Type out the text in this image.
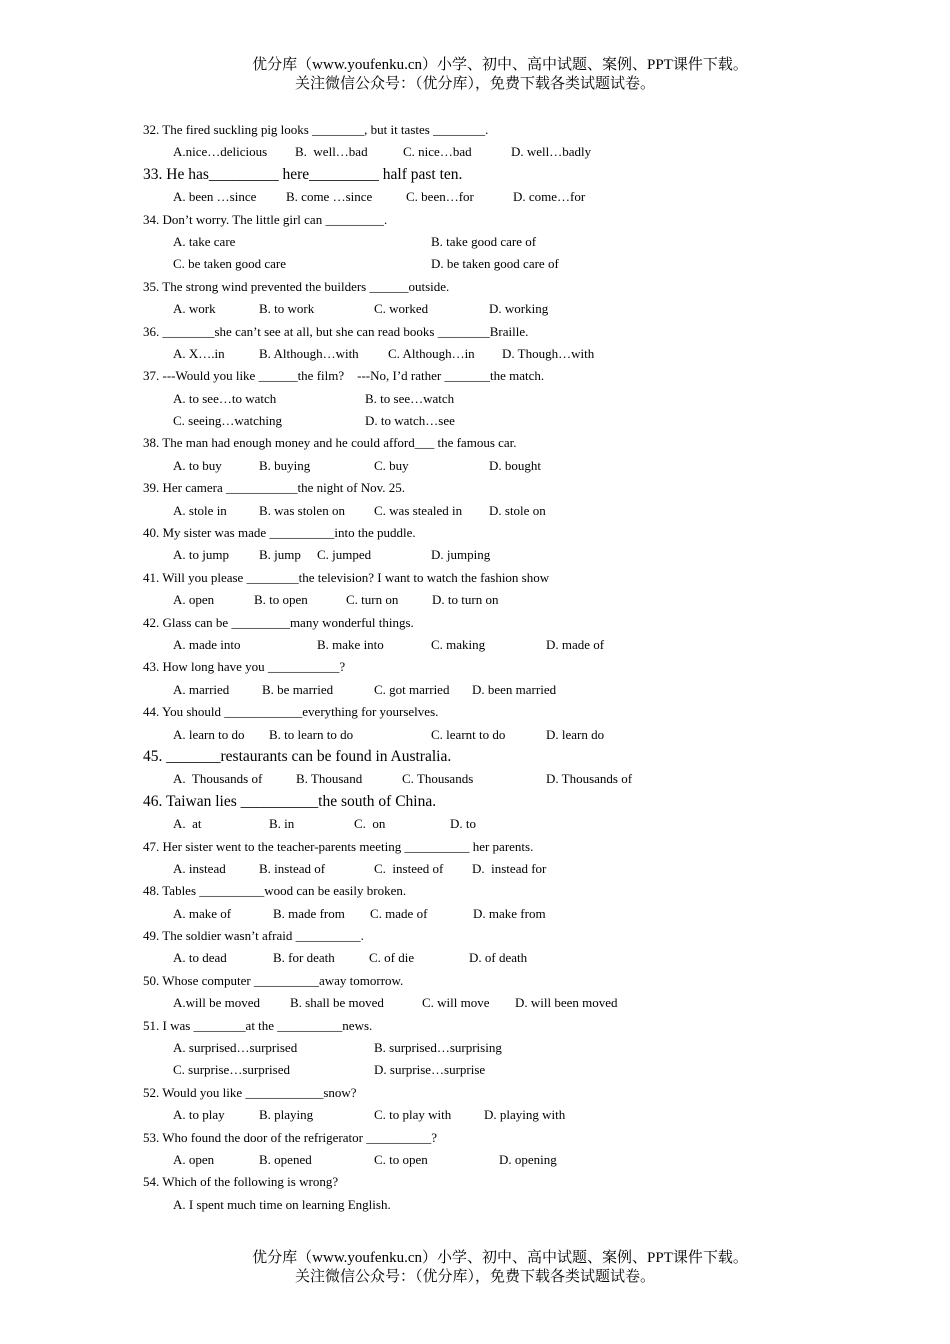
优分库（www.youfenku.cn）小学、初中、高中试题、案例、PPT课件下载。
关注微信公众号：（优分库），免费下载各类试题试卷。
32. The fired suckling pig looks ________, but it tastes ________.
A.nice…delicious B.  well…bad	C. nice…bad	D. well…badly
33. He has_________ here_________ half past ten.
A. been …since B. come …since	C. been…for	D. come…for
34. Don’t worry. The little girl can _________.
A. take care	B. take good care of
C. be taken good care	D. be taken good care of
35. The strong wind prevented the builders ______outside.
A. work	B. to work	C. worked	D. working
36. ________she can’t see at all, but she can read books ________Braille.
A. X….in	B. Although…with C. Although…in D. Though…with
37. ---Would you like ______the film?    ---No, I’d rather _______the match.
A. to see…to watch	B. to see…watch
C. seeing…watching	D. to watch…see
38. The man had enough money and he could afford___ the famous car.
A. to buy	B. buying	C. buy	D. bought
39. Her camera ___________the night of Nov. 25.
A. stole in B. was stolen on C. was stealed in D. stole on
40. My sister was made __________into the puddle.
A. to jump B. jump C. jumped	D. jumping
41. Will you please ________the television? I want to watch the fashion show
A. open	B. to open	C. turn on	D. to turn on
42. Glass can be _________many wonderful things.
A. made into	B. make into	C. making	D. made of
43. How long have you ___________?
A. married	B. be married	C. got married D. been married
44. You should ____________everything for yourselves.
A. learn to do B. to learn to do	C. learnt to do	D. learn do
45. _______restaurants can be found in Australia.
A.  Thousands of	B. Thousand	C. Thousands	D. Thousands of
46. Taiwan lies __________the south of China.
A.  at	B. in	C.  on	D. to
47. Her sister went to the teacher-parents meeting __________ her parents.
A. instead	B. instead of	C.  insteed of D.  instead for
48. Tables __________wood can be easily broken.
A. make of	B. made from C. made of	D. make from
49. The soldier wasn’t afraid __________.
A. to dead	B. for death	C. of die	D. of death
50. Whose computer __________away tomorrow.
A.will be moved B. shall be moved	C. will move D. will been moved
51. I was ________at the __________news.
A. surprised…surprised	B. surprised…surprising
C. surprise…surprised	D. surprise…surprise
52. Would you like ____________snow?
A. to play	B. playing	C. to play with	D. playing with
53. Who found the door of the refrigerator __________?
A. open	B. opened	C. to open	D. opening
54. Which of the following is wrong?
A. I spent much time on learning English.
优分库（www.youfenku.cn）小学、初中、高中试题、案例、PPT课件下载。
关注微信公众号：（优分库），免费下载各类试题试卷。
